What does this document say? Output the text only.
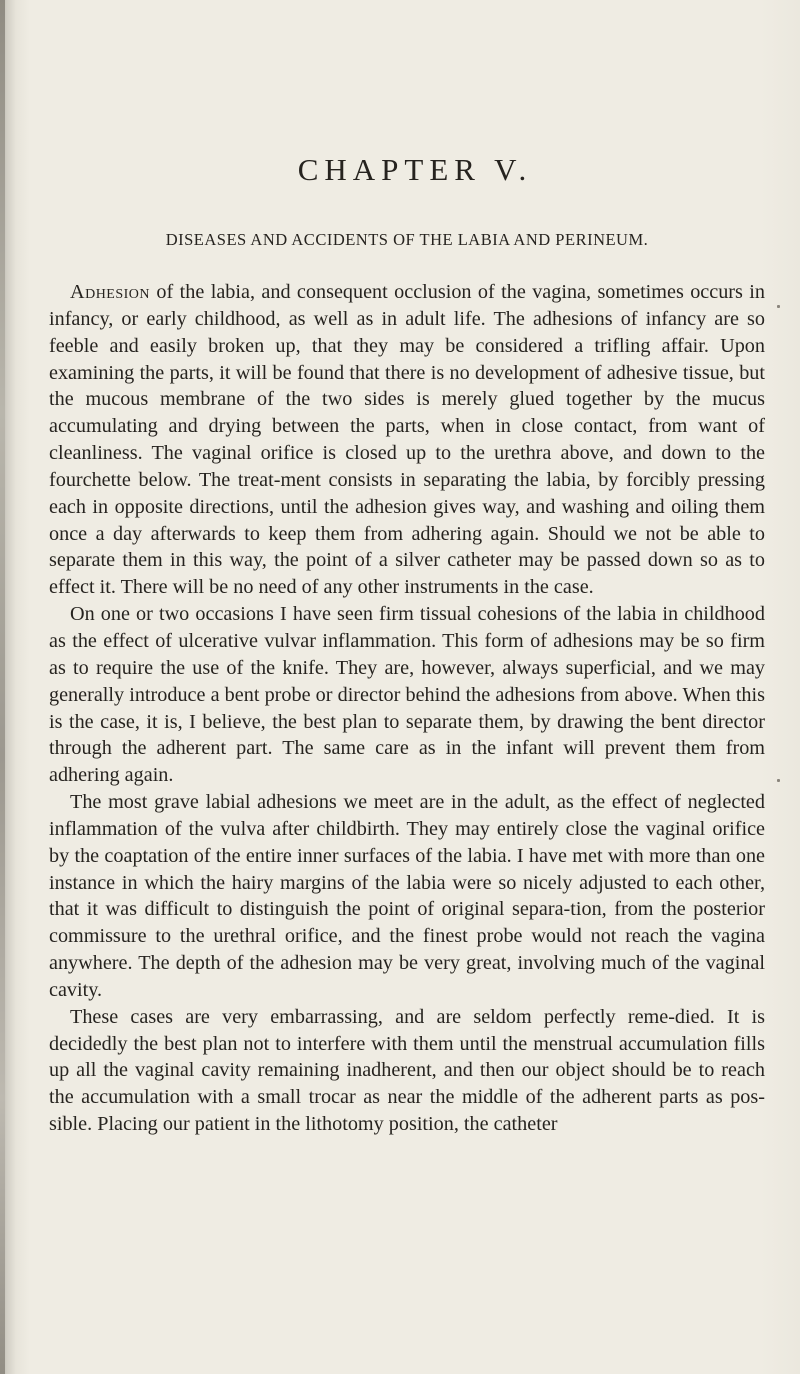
CHAPTER V.
DISEASES AND ACCIDENTS OF THE LABIA AND PERINEUM.

Adhesion of the labia, and consequent occlusion of the vagina, sometimes occurs in infancy, or early childhood, as well as in adult life. The adhesions of infancy are so feeble and easily broken up, that they may be considered a trifling affair. Upon examining the parts, it will be found that there is no development of adhesive tissue, but the mucous membrane of the two sides is merely glued together by the mucus accumulating and drying between the parts, when in close contact, from want of cleanliness. The vaginal orifice is closed up to the urethra above, and down to the fourchette below. The treat-ment consists in separating the labia, by forcibly pressing each in opposite directions, until the adhesion gives way, and washing and oiling them once a day afterwards to keep them from adhering again. Should we not be able to separate them in this way, the point of a silver catheter may be passed down so as to effect it. There will be no need of any other instruments in the case.

On one or two occasions I have seen firm tissual cohesions of the labia in childhood as the effect of ulcerative vulvar inflammation. This form of adhesions may be so firm as to require the use of the knife. They are, however, always superficial, and we may generally introduce a bent probe or director behind the adhesions from above. When this is the case, it is, I believe, the best plan to separate them, by drawing the bent director through the adherent part. The same care as in the infant will prevent them from adhering again.

The most grave labial adhesions we meet are in the adult, as the effect of neglected inflammation of the vulva after childbirth. They may entirely close the vaginal orifice by the coaptation of the entire inner surfaces of the labia. I have met with more than one instance in which the hairy margins of the labia were so nicely adjusted to each other, that it was difficult to distinguish the point of original separa-tion, from the posterior commissure to the urethral orifice, and the finest probe would not reach the vagina anywhere. The depth of the adhesion may be very great, involving much of the vaginal cavity.

These cases are very embarrassing, and are seldom perfectly reme-died. It is decidedly the best plan not to interfere with them until the menstrual accumulation fills up all the vaginal cavity remaining inadherent, and then our object should be to reach the accumulation with a small trocar as near the middle of the adherent parts as pos-sible. Placing our patient in the lithotomy position, the catheter
